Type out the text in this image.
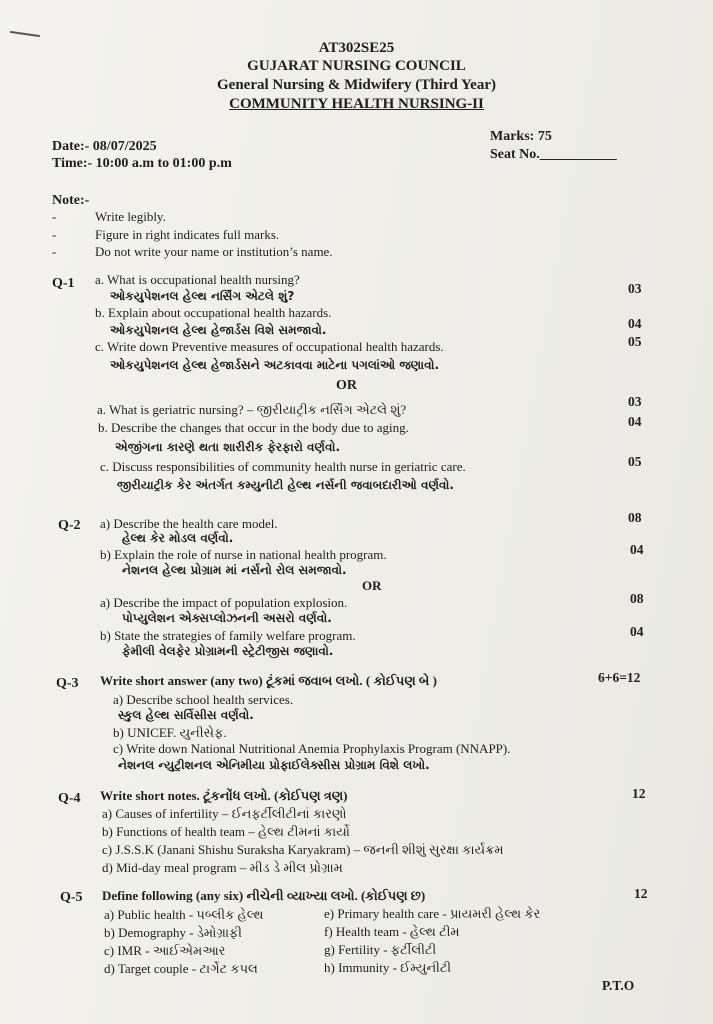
AT302SE25
GUJARAT NURSING COUNCIL
General Nursing & Midwifery (Third Year)
COMMUNITY HEALTH NURSING-II
Date:- 08/07/2025
Time:- 10:00 a.m to 01:00 p.m
Marks: 75
Seat No.___________
Note:-
-	Write legibly.
-	Figure in right indicates full marks.
-	Do not write your name or institution’s name.
Q-1 a. What is occupational health nursing?
ઓકયુપેશનલ હેલ્થ નર્સિંગ એટલે શું?	03
b. Explain about occupational health hazards.
ઓકયુપેશનલ હેલ્થ હેજાર્ડસ વિશે સમજાવો.	04
c. Write down Preventive measures of occupational health hazards.
ઓકયુપેશનલ હેલ્થ હેજાર્ડસને અટકાવવા માટેના પગલાંઓ જણાવો.
05
OR
a. What is geriatric nursing? – જીરીયાટ્રીક નર્સિંગ એટલે શું?
03
b. Describe the changes that occur in the body due to aging.
એજીંગના કારણે થતા શારીરીક ફેરફારો વર્ણવો.
04
c. Discuss responsibilities of community health nurse in geriatric care.
જીરીયાટ્રીક કેર અંતર્ગત કમ્યુનીટી હેલ્થ નર્સની જવાબદારીઓ વર્ણવો.
05
Q-2 a) Describe the health care model.
હેલ્થ કેર મોડલ વર્ણવો.
08
b) Explain the role of nurse in national health program.
નેશનલ હેલ્થ પ્રોગ્રામ માં નર્સનો રોલ સમજાવો.
04
OR
a) Describe the impact of population explosion.
પોપ્યુલેશન એક્સપ્લોઝનની અસરો વર્ણવો.
08
b) State the strategies of family welfare program.
ફેમીલી વેલફેર પ્રોગ્રામની સ્ટ્રેટીજીસ જણાવો.
04
Q-3 Write short answer (any two) ટૂંકમાં જવાબ લખો. ( કોઈપણ બે )	6+6=12
a) Describe school health services.
સ્કુલ હેલ્થ સર્વિસીસ વર્ણવો.
b) UNICEF. યુનીસેફ.
c) Write down National Nutritional Anemia Prophylaxis Program (NNAPP).
નેશનલ ન્યુટ્રીશનલ એનિમીયા પ્રોફાઈલેક્સીસ પ્રોગ્રામ વિશે લખો.
Q-4 Write short notes. ટૂંકનોંધ લખો. (કોઈપણ ત્રણ)	12
a) Causes of infertility – ઈનફર્ટીલીટીનાં કારણો
b) Functions of health team – હેલ્થ ટીમનાં કાર્યો
c) J.S.S.K (Janani Shishu Suraksha Karyakram) – જનની શીશું સુરક્ષા કાર્યક્રમ
d) Mid-day meal program – મીડ ડે મીલ પ્રોગ્રામ
Q-5 Define following (any six) નીચેની વ્યાખ્યા લખો. (કોઈપણ છ)	12
a) Public health - પબ્લીક હેલ્થ
b) Demography - ડેમોગ્રાફી
c) IMR - આઈએમઆર
d) Target couple - ટાર્ગેટ કપલ
e) Primary health care - પ્રાયમરી હેલ્થ કેર
f) Health team - હેલ્થ ટીમ
g) Fertility - ફર્ટીલીટી
h) Immunity - ઈમ્યુનીટી
P.T.O
